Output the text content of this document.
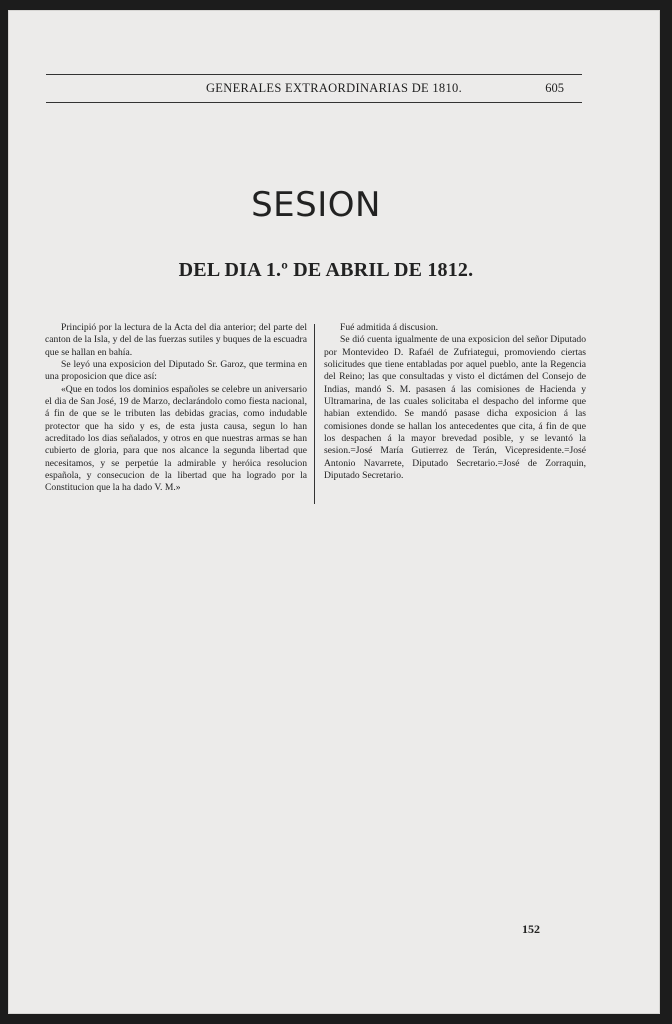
GENERALES EXTRAORDINARIAS DE 1810.	605
SESION
DEL DIA 1.º DE ABRIL DE 1812.

Principió por la lectura de la Acta del dia anterior; del parte del canton de la Isla, y del de las fuerzas sutiles y buques de la escuadra que se hallan en bahía.

Se leyó una exposicion del Diputado Sr. Garoz, que termina en una proposicion que dice así:

«Que en todos los dominios españoles se celebre un aniversario el dia de San José, 19 de Marzo, declarándolo como fiesta nacional, á fin de que se le tributen las debidas gracias, como indudable protector que ha sido y es, de esta justa causa, segun lo han acreditado los dias señalados, y otros en que nuestras armas se han cubierto de gloria, para que nos alcance la segunda libertad que necesitamos, y se perpetúe la admirable y heróica resolucion española, y consecucion de la libertad que ha logrado por la Constitucion que la ha dado V. M.»

Fué admitida á discusion.

Se dió cuenta igualmente de una exposicion del señor Diputado por Montevideo D. Rafaél de Zufriategui, promoviendo ciertas solicitudes que tiene entabladas por aquel pueblo, ante la Regencia del Reino; las que consultadas y visto el dictámen del Consejo de Indias, mandó S. M. pasasen á las comisiones de Hacienda y Ultramarina, de las cuales solicitaba el despacho del informe que habian extendido. Se mandó pasase dicha exposicion á las comisiones donde se hallan los antecedentes que cita, á fin de que los despachen á la mayor brevedad posible, y se levantó la sesion.=José María Gutierrez de Terán, Vicepresidente.=José Antonio Navarrete, Diputado Secretario.=José de Zorraquin, Diputado Secretario.

152
